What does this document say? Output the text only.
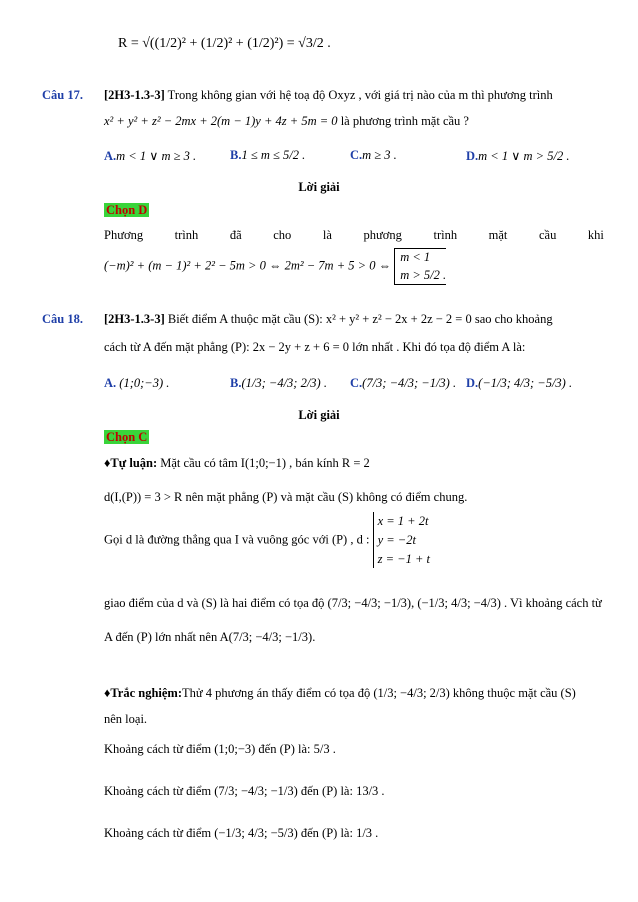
R = √((1/2)² + (1/2)² + (1/2)²) = √3/2 .
Câu 17. [2H3-1.3-3] Trong không gian với hệ toạ độ Oxyz , với giá trị nào của m thì phương trình
x² + y² + z² − 2mx + 2(m − 1)y + 4z + 5m = 0 là phương trình mặt cầu ?
A.m < 1 ∨ m ≥ 3 .	B.1 ≤ m ≤ 5/2 .	C.m ≥ 3 .	D.m < 1 ∨ m > 5/2 .
Lời giải
Chọn D
Phương	trình	đã	cho	là	phương	trình	mặt	cầu	khi
(−m)² + (m − 1)² + 2² − 5m > 0 ⇔ 2m² − 7m + 5 > 0 ⇔
m < 1
m > 5/2 .
Câu 18. [2H3-1.3-3] Biết điểm A thuộc mặt cầu (S): x² + y² + z² − 2x + 2z − 2 = 0 sao cho khoảng
cách từ A đến mặt phẳng (P): 2x − 2y + z + 6 = 0 lớn nhất . Khi đó tọa độ điểm A là:
A. (1;0;−3) .	B.(1/3; −4/3; 2/3) . C.(7/3; −4/3; −1/3) . D.(−1/3; 4/3; −5/3) .
Lời giải
Chọn C
♦Tự luận: Mặt cầu có tâm I(1;0;−1) , bán kính R = 2
d(I,(P)) = 3 > R nên mặt phẳng (P) và mặt cầu (S) không có điểm chung.
Gọi d là đường thẳng qua I và vuông góc với (P) , d :
x = 1 + 2t
y = −2t
z = −1 + t
giao điểm của d và (S) là hai điểm có tọa độ (7/3; −4/3; −1/3), (−1/3; 4/3; −4/3) . Vì khoảng cách từ
A đến (P) lớn nhất nên A(7/3; −4/3; −1/3).
♦Trắc nghiệm:Thử 4 phương án thấy điểm có tọa độ (1/3; −4/3; 2/3) không thuộc mặt cầu (S)
nên loại.
Khoảng cách từ điểm (1;0;−3) đến (P) là: 5/3 .
Khoảng cách từ điểm (7/3; −4/3; −1/3) đến (P) là: 13/3 .
Khoảng cách từ điểm (−1/3; 4/3; −5/3) đến (P) là: 1/3 .
